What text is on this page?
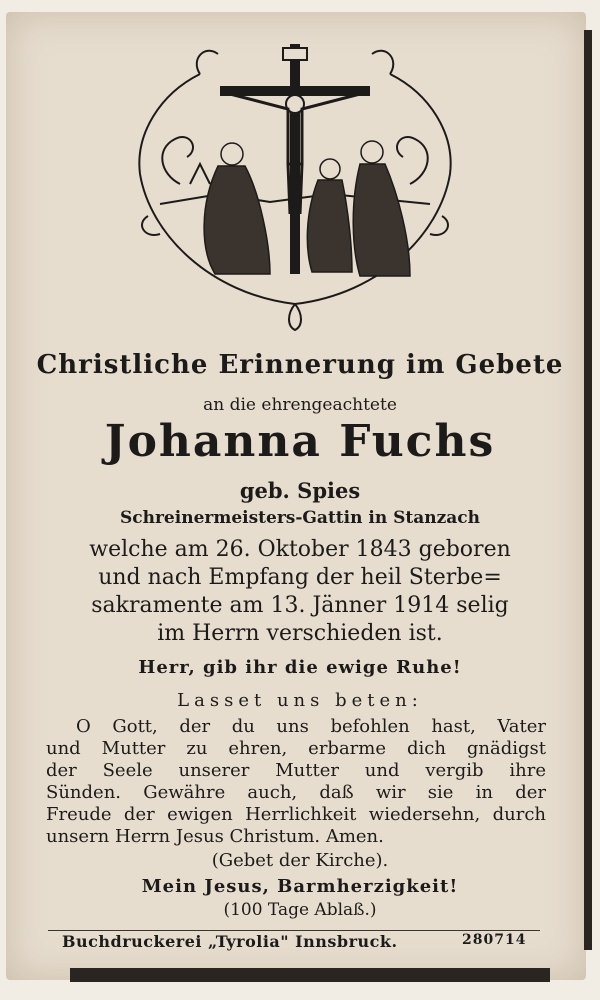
Christliche Erinnerung im Gebete

an die ehrengeachtete

Johanna Fuchs

geb. Spies

Schreinermeisters-Gattin in Stanzach

welche am 26. Oktober 1843 geboren
und nach Empfang der heil Sterbe=
sakramente am 13. Jänner 1914 selig
im Herrn verschieden ist.

Herr, gib ihr die ewige Ruhe!

Lasset uns beten:

O Gott, der du uns befohlen hast, Vater
und Mutter zu ehren, erbarme dich gnädigst
der Seele unserer Mutter und vergib ihre
Sünden. Gewähre auch, daß wir sie in der
Freude der ewigen Herrlichkeit wiedersehn, durch
unsern Herrn Jesus Christum. Amen.

(Gebet der Kirche).

Mein Jesus, Barmherzigkeit!

(100 Tage Ablaß.)

Buchdruckerei „Tyrolia" Innsbruck.	280714
